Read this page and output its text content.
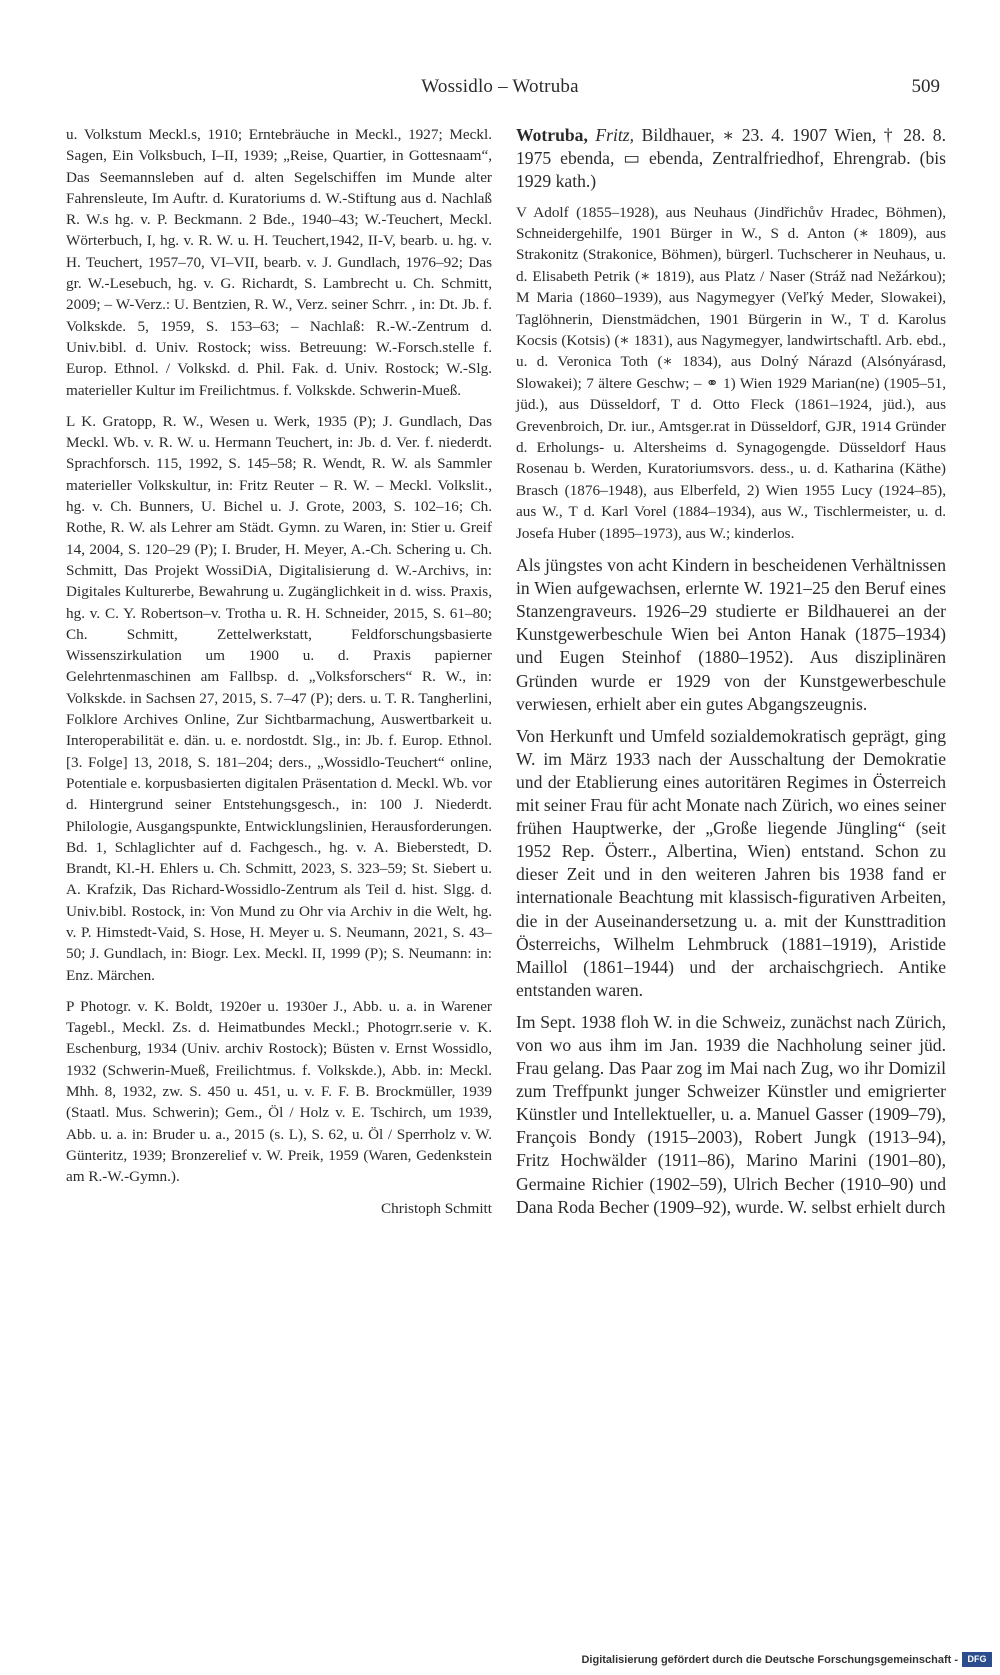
Wossidlo – Wotruba	509

u. Volkstum Meckl.s, 1910; Erntebräuche in Meckl., 1927; Meckl. Sagen, Ein Volksbuch, I–II, 1939; „Reise, Quartier, in Gottesnaam“, Das Seemannsleben auf d. alten Segelschiffen im Munde alter Fahrensleute, Im Auftr. d. Kuratoriums d. W.-Stiftung aus d. Nachlaß R. W.s hg. v. P. Beckmann. 2 Bde., 1940–43; W.-Teuchert, Meckl. Wörterbuch, I, hg. v. R. W. u. H. Teuchert,1942, II-V, bearb. u. hg. v. H. Teuchert, 1957–70, VI–VII, bearb. v. J. Gundlach, 1976–92; Das gr. W.-Lesebuch, hg. v. G. Richardt, S. Lambrecht u. Ch. Schmitt, 2009; – W-Verz.: U. Bentzien, R. W., Verz. seiner Schrr. , in: Dt. Jb. f. Volkskde. 5, 1959, S. 153–63; – Nachlaß: R.-W.-Zentrum d. Univ.bibl. d. Univ. Rostock; wiss. Betreuung: W.-Forsch.stelle f. Europ. Ethnol. / Volkskd. d. Phil. Fak. d. Univ. Rostock; W.-Slg. materieller Kultur im Freilichtmus. f. Volkskde. Schwerin-Mueß.

L K. Gratopp, R. W., Wesen u. Werk, 1935 (P); J. Gundlach, Das Meckl. Wb. v. R. W. u. Hermann Teuchert, in: Jb. d. Ver. f. niederdt. Sprachforsch. 115, 1992, S. 145–58; R. Wendt, R. W. als Sammler materieller Volkskultur, in: Fritz Reuter – R. W. – Meckl. Volkslit., hg. v. Ch. Bunners, U. Bichel u. J. Grote, 2003, S. 102–16; Ch. Rothe, R. W. als Lehrer am Städt. Gymn. zu Waren, in: Stier u. Greif 14, 2004, S. 120–29 (P); I. Bruder, H. Meyer, A.-Ch. Schering u. Ch. Schmitt, Das Projekt WossiDiA, Digitalisierung d. W.-Archivs, in: Digitales Kulturerbe, Bewahrung u. Zugänglichkeit in d. wiss. Praxis, hg. v. C. Y. Robertson–v. Trotha u. R. H. Schneider, 2015, S. 61–80; Ch. Schmitt, Zettelwerkstatt, Feldforschungsbasierte Wissenszirkulation um 1900 u. d. Praxis papierner Gelehrtenmaschinen am Fallbsp. d. „Volksforschers“ R. W., in: Volkskde. in Sachsen 27, 2015, S. 7–47 (P); ders. u. T. R. Tangherlini, Folklore Archives Online, Zur Sichtbarmachung, Auswertbarkeit u. Interoperabilität e. dän. u. e. nordostdt. Slg., in: Jb. f. Europ. Ethnol. [3. Folge] 13, 2018, S. 181–204; ders., „Wossidlo-Teuchert“ online, Potentiale e. korpusbasierten digitalen Präsentation d. Meckl. Wb. vor d. Hintergrund seiner Entstehungsgesch., in: 100 J. Niederdt. Philologie, Ausgangspunkte, Entwicklungslinien, Herausforderungen. Bd. 1, Schlaglichter auf d. Fachgesch., hg. v. A. Bieberstedt, D. Brandt, Kl.-H. Ehlers u. Ch. Schmitt, 2023, S. 323–59; St. Siebert u. A. Krafzik, Das Richard-Wossidlo-Zentrum als Teil d. hist. Slgg. d. Univ.bibl. Rostock, in: Von Mund zu Ohr via Archiv in die Welt, hg. v. P. Himstedt-Vaid, S. Hose, H. Meyer u. S. Neumann, 2021, S. 43–50; J. Gundlach, in: Biogr. Lex. Meckl. II, 1999 (P); S. Neumann: in: Enz. Märchen.

P Photogr. v. K. Boldt, 1920er u. 1930er J., Abb. u. a. in Warener Tagebl., Meckl. Zs. d. Heimatbundes Meckl.; Photogrr.serie v. K. Eschenburg, 1934 (Univ. archiv Rostock); Büsten v. Ernst Wossidlo, 1932 (Schwerin-Mueß, Freilichtmus. f. Volkskde.), Abb. in: Meckl. Mhh. 8, 1932, zw. S. 450 u. 451, u. v. F. F. B. Brockmüller, 1939 (Staatl. Mus. Schwerin); Gem., Öl / Holz v. E. Tschirch, um 1939, Abb. u. a. in: Bruder u. a., 2015 (s. L), S. 62, u. Öl / Sperrholz v. W. Günteritz, 1939; Bronzerelief v. W. Preik, 1959 (Waren, Gedenkstein am R.-W.-Gymn.).

Christoph Schmitt

Wotruba, Fritz, Bildhauer, ∗ 23. 4. 1907 Wien, † 28. 8. 1975 ebenda, ▭ ebenda, Zentralfriedhof, Ehrengrab. (bis 1929 kath.)

V Adolf (1855–1928), aus Neuhaus (Jindřichův Hradec, Böhmen), Schneidergehilfe, 1901 Bürger in W., S d. Anton (∗ 1809), aus Strakonitz (Strakonice, Böhmen), bürgerl. Tuchscherer in Neuhaus, u. d. Elisabeth Petrik (∗ 1819), aus Platz / Naser (Stráž nad Nežárkou); M Maria (1860–1939), aus Nagymegyer (Veľký Meder, Slowakei), Taglöhnerin, Dienstmädchen, 1901 Bürgerin in W., T d. Karolus Kocsis (Kotsis) (∗ 1831), aus Nagymegyer, landwirtschaftl. Arb. ebd., u. d. Veronica Toth (∗ 1834), aus Dolný Nárazd (Alsónyárasd, Slowakei); 7 ältere Geschw; – ⚭ 1) Wien 1929 Marian(ne) (1905–51, jüd.), aus Düsseldorf, T d. Otto Fleck (1861–1924, jüd.), aus Grevenbroich, Dr. iur., Amtsger.rat in Düsseldorf, GJR, 1914 Gründer d. Erholungs- u. Altersheims d. Synagogengde. Düsseldorf Haus Rosenau b. Werden, Kuratoriumsvors. dess., u. d. Katharina (Käthe) Brasch (1876–1948), aus Elberfeld, 2) Wien 1955 Lucy (1924–85), aus W., T d. Karl Vorel (1884–1934), aus W., Tischlermeister, u. d. Josefa Huber (1895–1973), aus W.; kinderlos.

Als jüngstes von acht Kindern in bescheidenen Verhältnissen in Wien aufgewachsen, erlernte W. 1921–25 den Beruf eines Stanzengraveurs. 1926–29 studierte er Bildhauerei an der Kunstgewerbeschule Wien bei Anton Hanak (1875–1934) und Eugen Steinhof (1880–1952). Aus disziplinären Gründen wurde er 1929 von der Kunstgewerbeschule verwiesen, erhielt aber ein gutes Abgangszeugnis.

Von Herkunft und Umfeld sozialdemokratisch geprägt, ging W. im März 1933 nach der Ausschaltung der Demokratie und der Etablierung eines autoritären Regimes in Österreich mit seiner Frau für acht Monate nach Zürich, wo eines seiner frühen Hauptwerke, der „Große liegende Jüngling“ (seit 1952 Rep. Österr., Albertina, Wien) entstand. Schon zu dieser Zeit und in den weiteren Jahren bis 1938 fand er internationale Beachtung mit klassisch-figurativen Arbeiten, die in der Auseinandersetzung u. a. mit der Kunsttradition Österreichs, Wilhelm Lehmbruck (1881–1919), Aristide Maillol (1861–1944) und der archaischgriech. Antike entstanden waren.

Im Sept. 1938 floh W. in die Schweiz, zunächst nach Zürich, von wo aus ihm im Jan. 1939 die Nachholung seiner jüd. Frau gelang. Das Paar zog im Mai nach Zug, wo ihr Domizil zum Treffpunkt junger Schweizer Künstler und emigrierter Künstler und Intellektueller, u. a. Manuel Gasser (1909–79), François Bondy (1915–2003), Robert Jungk (1913–94), Fritz Hochwälder (1911–86), Marino Marini (1901–80), Germaine Richier (1902–59), Ulrich Becher (1910–90) und Dana Roda Becher (1909–92), wurde. W. selbst erhielt durch

Digitalisierung gefördert durch die Deutsche Forschungsgemeinschaft -	DFG
